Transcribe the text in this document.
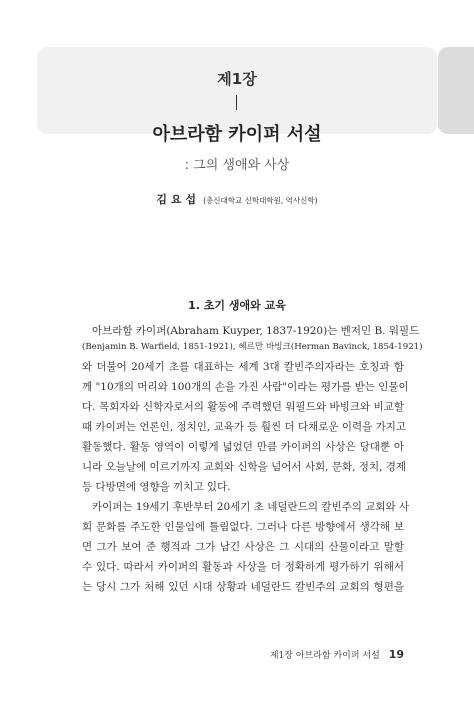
제1장
아브라함 카이퍼 서설
: 그의 생애와 사상
김 요 섭 (총신대학교 신학대학원, 역사신학)
1. 초기 생애와 교육
아브라함 카이퍼(Abraham Kuyper, 1837-1920)는 벤저민 B. 워필드
(Benjamin B. Warfield, 1851-1921), 헤르만 바빙크(Herman Bavinck, 1854-1921)
와 더불어 20세기 초를 대표하는 세계 3대 칼빈주의자라는 호칭과 함
께 "10개의 머리와 100개의 손을 가진 사람"이라는 평가를 받는 인물이
다. 목회자와 신학자로서의 활동에 주력했던 워필드와 바빙크와 비교할
때 카이퍼는 언론인, 정치인, 교육가 등 훨씬 더 다채로운 이력을 가지고
활동했다. 활동 영역이 이렇게 넓었던 만큼 카이퍼의 사상은 당대뿐 아
니라 오늘날에 이르기까지 교회와 신학을 넘어서 사회, 문화, 정치, 경제
등 다방면에 영향을 끼치고 있다.
카이퍼는 19세기 후반부터 20세기 초 네덜란드의 칼빈주의 교회와 사
회 문화를 주도한 인물임에 틀림없다. 그러나 다른 방향에서 생각해 보
면 그가 보여 준 행적과 그가 남긴 사상은 그 시대의 산물이라고 말할
수 있다. 따라서 카이퍼의 활동과 사상을 더 정확하게 평가하기 위해서
는 당시 그가 처해 있던 시대 상황과 네덜란드 칼빈주의 교회의 형편을
제1장 아브라함 카이퍼 서설 19
